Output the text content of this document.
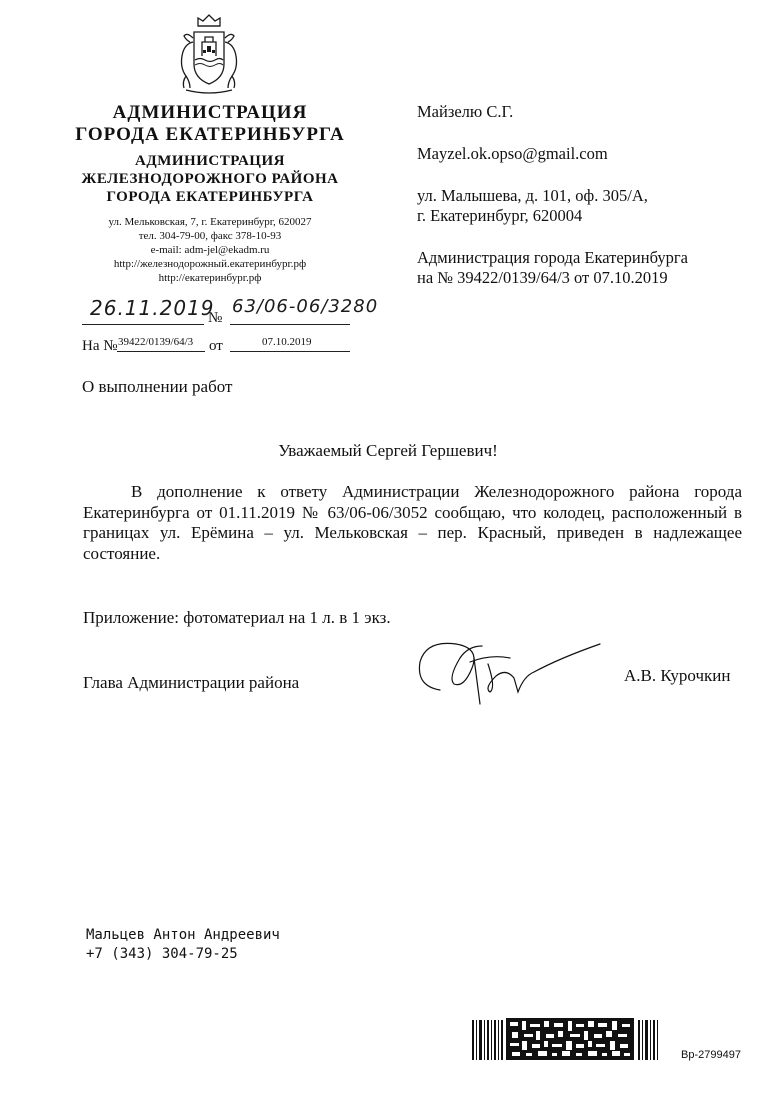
АДМИНИСТРАЦИЯ
ГОРОДА ЕКАТЕРИНБУРГА
АДМИНИСТРАЦИЯ
ЖЕЛЕЗНОДОРОЖНОГО РАЙОНА
ГОРОДА ЕКАТЕРИНБУРГА
ул. Мельковская, 7, г. Екатеринбург, 620027
тел. 304-79-00, факс 378-10-93
e-mail: adm-jel@ekadm.ru
http://железнодорожный.екатеринбург.рф
http://екатеринбург.рф
26.11.2019
№
63/06-06/3280
На № 39422/0139/64/3 от	07.10.2019
Майзелю С.Г.
Mayzel.ok.opso@gmail.com
ул. Малышева, д. 101, оф. 305/А,
г. Екатеринбург, 620004
Администрация города Екатеринбурга
на № 39422/0139/64/3 от 07.10.2019
О выполнении работ
Уважаемый Сергей Гершевич!
В дополнение к ответу Администрации Железнодорожного района города Екатеринбурга от 01.11.2019 № 63/06-06/3052 сообщаю, что колодец, расположенный в границах ул. Ерёмина – ул. Мельковская – пер. Красный, приведен в надлежащее состояние.
Приложение: фотоматериал на 1 л. в 1 экз.
Глава Администрации района	А.В. Курочкин
Мальцев Антон Андреевич
+7 (343) 304-79-25
Вр-2799497
